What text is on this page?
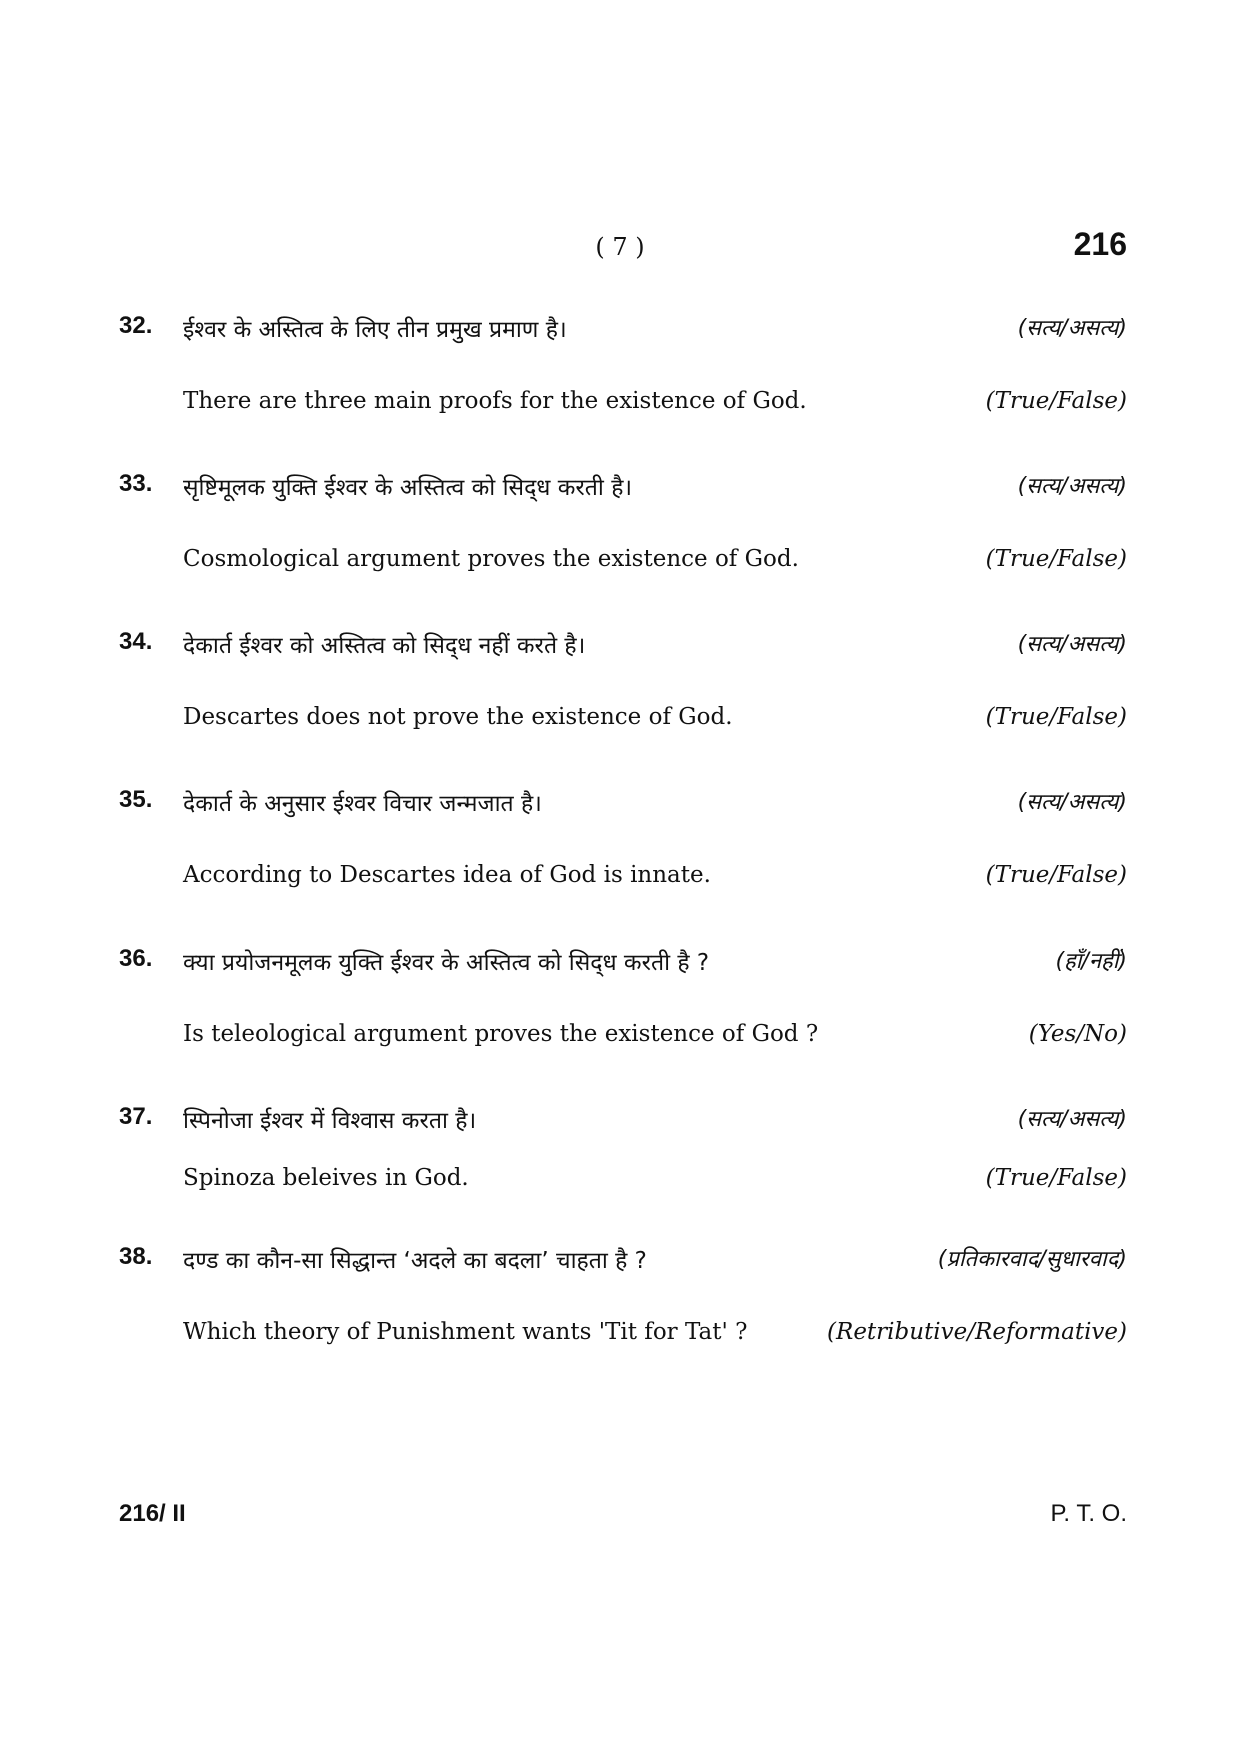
( 7 )	216
32. ईश्वर के अस्तित्व के लिए तीन प्रमुख प्रमाण है।	(सत्य/असत्य)
There are three main proofs for the existence of God.	(True/False)
33. सृष्टिमूलक युक्ति ईश्वर के अस्तित्व को सिद्‌ध करती है।	(सत्य/असत्य)
Cosmological argument proves the existence of God.	(True/False)
34. देकार्त ईश्वर को अस्तित्व को सिद्‌ध नहीं करते है।	(सत्य/असत्य)
Descartes does not prove the existence of God.	(True/False)
35. देकार्त के अनुसार ईश्वर विचार जन्मजात है।	(सत्य/असत्य)
According to Descartes idea of God is innate.	(True/False)
36. क्या प्रयोजनमूलक युक्ति ईश्वर के अस्तित्व को सिद्‌ध करती है ?	(हाँ/नहीं)
Is teleological argument proves the existence of God ?	(Yes/No)
37. स्पिनोजा ईश्वर में विश्वास करता है।	(सत्य/असत्य)
Spinoza beleives in God.	(True/False)
38. दण्ड का कौन-सा सिद्धान्त ‘अदले का बदला’ चाहता है ?	(प्रतिकारवाद/सुधारवाद)
Which theory of Punishment wants 'Tit for Tat' ?	(Retributive/Reformative)
216/ II	P. T. O.
